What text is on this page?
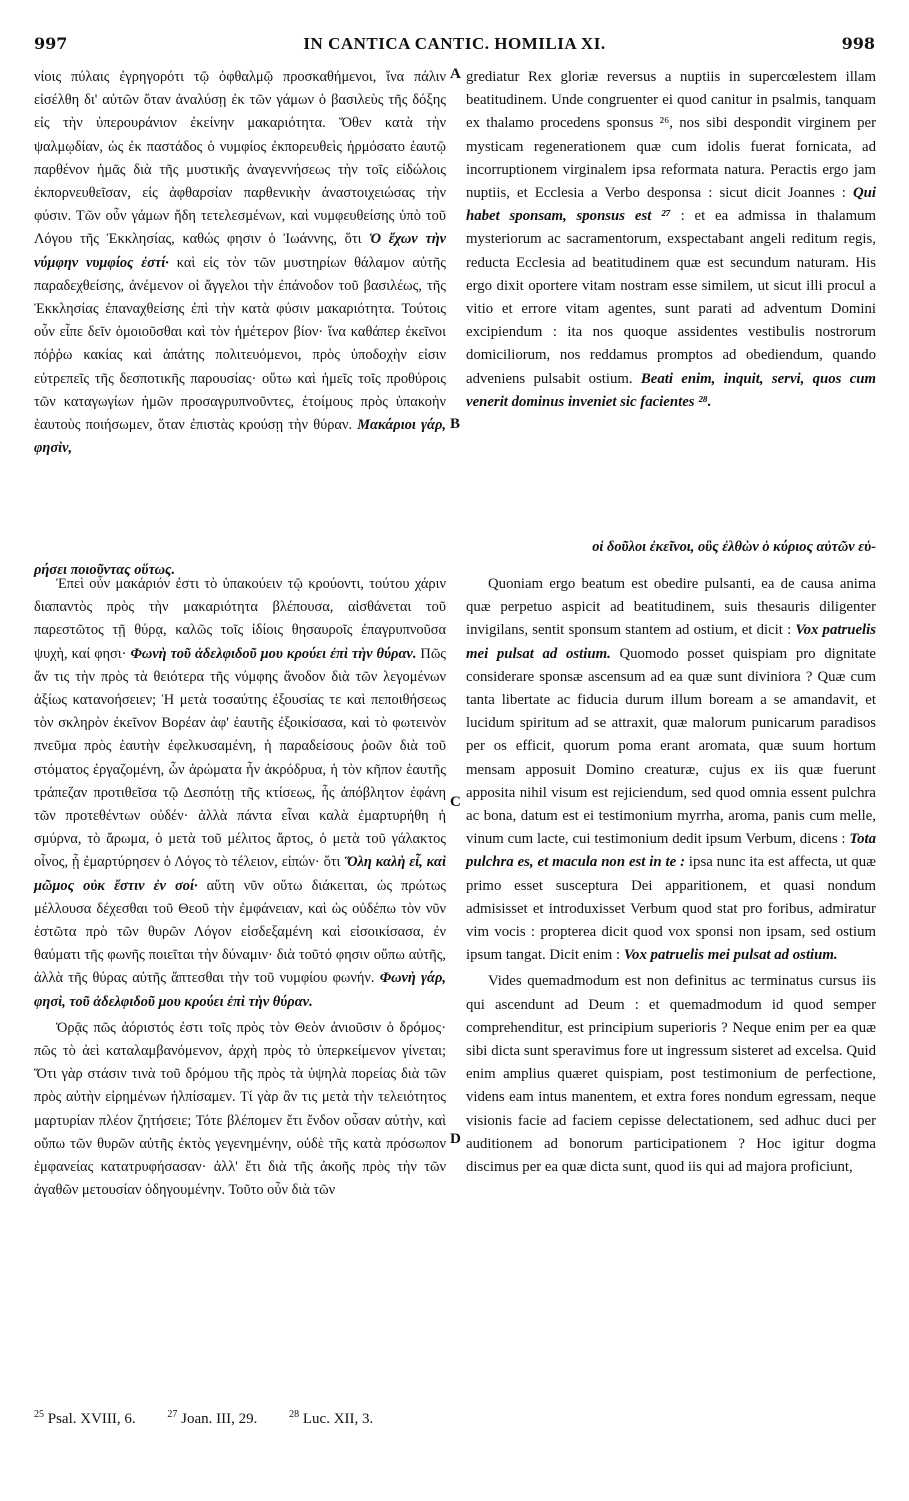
997	IN CANTICA CANTIC. HOMILIA XI.	998

νίοις πύλαις ἐγρηγορότι τῷ ὀφθαλμῷ προσκαθήμενοι, ἵνα πάλιν εἰσέλθη δι' αὐτῶν ὅταν ἀναλύσῃ ἐκ τῶν γάμων ὁ βασιλεὺς τῆς δόξης εἰς τὴν ὑπερουράνιον ἐκείνην μακαριότητα. Ὅθεν κατὰ τὴν ψαλμῳδίαν, ὡς ἐκ παστάδος ὁ νυμφίος ἐκπορευθεὶς ἡρμόσατο ἑαυτῷ παρθένον ἡμᾶς διὰ τῆς μυστικῆς ἀναγεννήσεως τὴν τοῖς εἰδώλοις ἐκπορνευθεῖσαν, εἰς ἀφθαρσίαν παρθενικὴν ἀναστοιχειώσας τὴν φύσιν. Τῶν οὖν γάμων ἤδη τετελεσμένων, καὶ νυμφευθείσης ὑπὸ τοῦ Λόγου τῆς Ἐκκλησίας, καθώς φησιν ὁ Ἰωάννης, ὅτι Ὁ ἔχων τὴν νύμφην νυμφίος ἐστί· καὶ εἰς τὸν τῶν μυστηρίων θάλαμον αὐτῆς παραδεχθείσης, ἀνέμενον οἱ ἄγγελοι τὴν ἐπάνοδον τοῦ βασιλέως, τῆς Ἐκκλησίας ἐπαναχθείσης ἐπὶ τὴν κατὰ φύσιν μακαριότητα. Τούτοις οὖν εἶπε δεῖν ὁμοιοῦσθαι καὶ τὸν ἡμέτερον βίον· ἵνα καθάπερ ἐκεῖνοι πόῤῥω κακίας καὶ ἀπάτης πολιτευόμενοι, πρὸς ὑποδοχὴν εἰσιν εὐτρεπεῖς τῆς δεσποτικῆς παρουσίας· οὕτω καὶ ἡμεῖς τοῖς προθύροις τῶν καταγωγίων ἡμῶν προσαγρυπνοῦντες, ἑτοίμους πρὸς ὑπακοὴν ἑαυτοὺς ποιήσωμεν, ὅταν ἐπιστὰς κρούσῃ τὴν θύραν. Μακάριοι γάρ, φησὶν,

grediatur Rex gloriæ reversus a nuptiis in supercœlestem illam beatitudinem. Unde congruenter ei quod canitur in psalmis, tanquam ex thalamo procedens sponsus ²⁶, nos sibi despondit virginem per mysticam regenerationem quæ cum idolis fuerat fornicata, ad incorruptionem virginalem ipsa reformata natura. Peractis ergo jam nuptiis, et Ecclesia a Verbo desponsa : sicut dicit Joannes : Qui habet sponsam, sponsus est ²⁷ : et ea admissa in thalamum mysteriorum ac sacramentorum, exspectabant angeli reditum regis, reducta Ecclesia ad beatitudinem quæ est secundum naturam. His ergo dixit oportere vitam nostram esse similem, ut sicut illi procul a vitio et errore vitam agentes, sunt parati ad adventum Domini excipiendum : ita nos quoque assidentes vestibulis nostrorum domiciliorum, nos reddamus promptos ad obediendum, quando adveniens pulsabit ostium. Beati enim, inquit, servi, quos cum venerit dominus inveniet sic facientes ²⁸.

οἱ δοῦλοι ἐκεῖνοι, οὓς ἐλθὼν ὁ κύριος αὐτῶν εὑ-
ρήσει ποιοῦντας οὕτως.

Ἐπεὶ οὖν μακάριόν ἐστι τὸ ὑπακούειν τῷ κρούοντι, τούτου χάριν διαπαντὸς πρὸς τὴν μακαριότητα βλέπουσα, αἰσθάνεται τοῦ παρεστῶτος τῇ θύρᾳ, καλῶς τοῖς ἰδίοις θησαυροῖς ἐπαγρυπνοῦσα ψυχὴ, καί φησι· Φωνὴ τοῦ ἀδελφιδοῦ μου κρούει ἐπὶ τὴν θύραν. Πῶς ἄν τις τὴν πρὸς τὰ θειότερα τῆς νύμφης ἄνοδον διὰ τῶν λεγομένων ἀξίως κατανοήσειεν; Ἡ μετὰ τοσαύτης ἐξουσίας τε καὶ πεποιθήσεως τὸν σκληρὸν ἐκεῖνον Βορέαν ἀφ' ἑαυτῆς ἐξοικίσασα, καὶ τὸ φωτεινὸν πνεῦμα πρὸς ἑαυτὴν ἐφελκυσαμένη, ἡ παραδείσους ῥοῶν διὰ τοῦ στόματος ἐργαζομένη, ὧν ἀρώματα ἦν ἀκρόδρυα, ἡ τὸν κῆπον ἑαυτῆς τράπεζαν προτιθεῖσα τῷ Δεσπότῃ τῆς κτίσεως, ἧς ἀπόβλητον ἐφάνη τῶν προτεθέντων οὐδέν· ἀλλὰ πάντα εἶναι καλὰ ἐμαρτυρήθη ἡ σμύρνα, τὸ ἄρωμα, ὁ μετὰ τοῦ μέλιτος ἄρτος, ὁ μετὰ τοῦ γάλακτος οἶνος, ᾗ ἐμαρτύρησεν ὁ Λόγος τὸ τέλειον, εἰπών· ὅτι Ὅλη καλὴ εἶ, καὶ μῶμος οὐκ ἔστιν ἐν σοί· αὕτη νῦν οὕτω διάκειται, ὡς πρώτως μέλλουσα δέχεσθαι τοῦ Θεοῦ τὴν ἐμφάνειαν, καὶ ὡς οὐδέπω τὸν νῦν ἑστῶτα πρὸ τῶν θυρῶν Λόγον εἰσδεξαμένη καὶ εἰσοικίσασα, ἐν θαύματι τῆς φωνῆς ποιεῖται τὴν δύναμιν· διὰ τοῦτό φησιν οὔπω αὐτῆς, ἀλλὰ τῆς θύρας αὐτῆς ἅπτεσθαι τὴν τοῦ νυμφίου φωνήν. Φωνὴ γάρ, φησὶ, τοῦ ἀδελφιδοῦ μου κρούει ἐπὶ τὴν θύραν.

Ὁρᾷς πῶς ἀόριστός ἐστι τοῖς πρὸς τὸν Θεὸν ἀνιοῦσιν ὁ δρόμος· πῶς τὸ ἀεὶ καταλαμβανόμενον, ἀρχὴ πρὸς τὸ ὑπερκείμενον γίνεται; Ὅτι γὰρ στάσιν τινὰ τοῦ δρόμου τῆς πρὸς τὰ ὑψηλὰ πορείας διὰ τῶν πρὸς αὐτὴν εἰρημένων ἠλπίσαμεν. Τί γὰρ ἂν τις μετὰ τὴν τελειότητος μαρτυρίαν πλέον ζητήσειε; Τότε βλέπομεν ἔτι ἔνδον οὖσαν αὐτὴν, καὶ οὔπω τῶν θυρῶν αὐτῆς ἐκτὸς γεγενημένην, οὐδὲ τῆς κατὰ πρόσωπον ἐμφανείας κατατρυφήσασαν· ἀλλ' ἔτι διὰ τῆς ἀκοῆς πρὸς τὴν τῶν ἀγαθῶν μετουσίαν ὁδηγουμένην. Τοῦτο οὖν διὰ τῶν

Quoniam ergo beatum est obedire pulsanti, ea de causa anima quæ perpetuo aspicit ad beatitudinem, suis thesauris diligenter invigilans, sentit sponsum stantem ad ostium, et dicit : Vox patruelis mei pulsat ad ostium. Quomodo posset quispiam pro dignitate considerare sponsæ ascensum ad ea quæ sunt diviniora ? Quæ cum tanta libertate ac fiducia durum illum boream a se amandavit, et lucidum spiritum ad se attraxit, quæ malorum punicarum paradisos per os efficit, quorum poma erant aromata, quæ suum hortum mensam apposuit Domino creaturæ, cujus ex iis quæ fuerunt apposita nihil visum est rejiciendum, sed quod omnia essent pulchra ac bona, datum est ei testimonium myrrha, aroma, panis cum melle, vinum cum lacte, cui testimonium dedit ipsum Verbum, dicens : Tota pulchra es, et macula non est in te : ipsa nunc ita est affecta, ut quæ primo esset susceptura Dei apparitionem, et quasi nondum admisisset et introduxisset Verbum quod stat pro foribus, admiratur vim vocis : propterea dicit quod vox sponsi non ipsam, sed ostium ipsum tangat. Dicit enim : Vox patruelis mei pulsat ad ostium.

Vides quemadmodum est non definitus ac terminatus cursus iis qui ascendunt ad Deum : et quemadmodum id quod semper comprehenditur, est principium superioris ? Neque enim per ea quæ sibi dicta sunt speravimus fore ut ingressum sisteret ad excelsa. Quid enim amplius quæret quispiam, post testimonium de perfectione, videns eam intus manentem, et extra fores nondum egressam, neque visionis facie ad faciem cepisse delectationem, sed adhuc duci per auditionem ad bonorum participationem ? Hoc igitur dogma discimus per ea quæ dicta sunt, quod iis qui ad majora proficiunt,

A
B
C
D
$^{25}$ Psal. XVIII, 6.	$^{27}$ Joan. III, 29.	$^{28}$ Luc. XII, 3.
